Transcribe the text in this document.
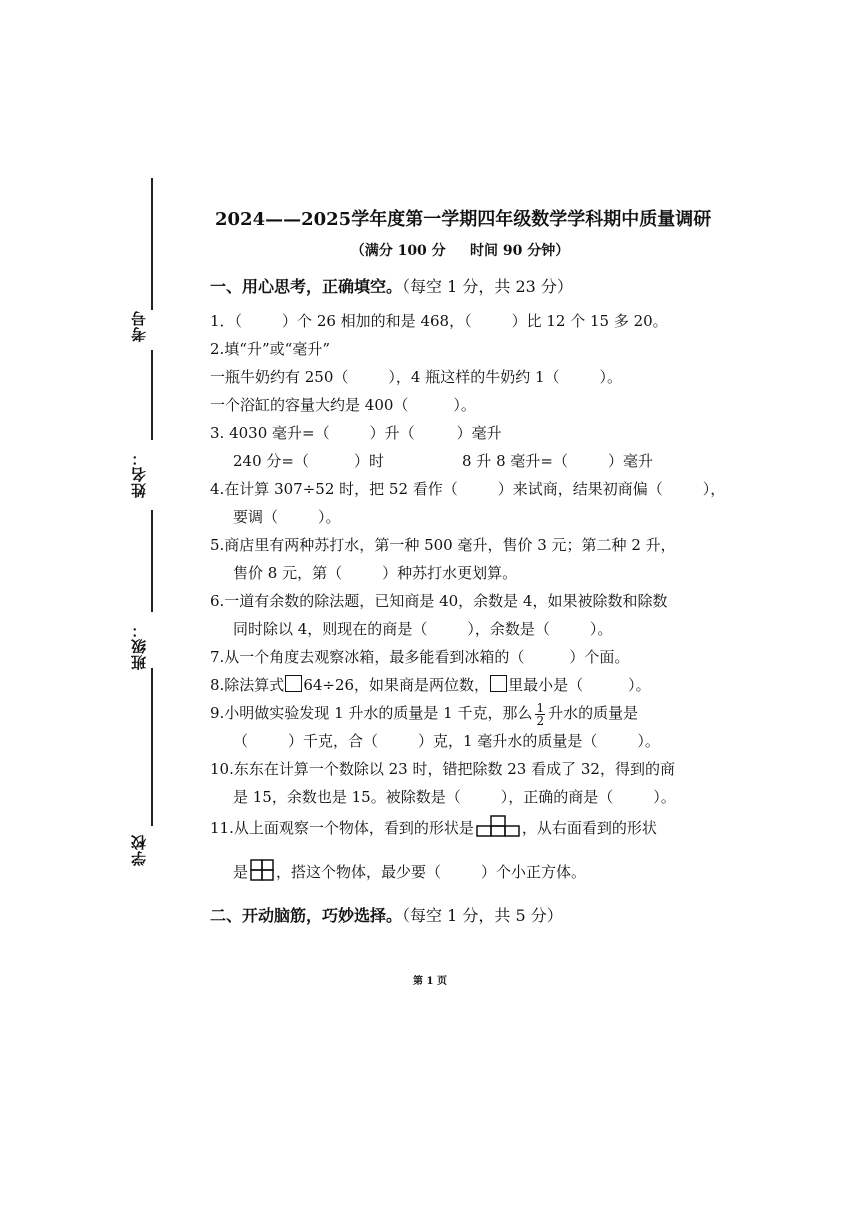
考号
姓名：
班级：
学校
2024——2025学年度第一学期四年级数学学科期中质量调研
（满分 100 分     时间 90 分钟）
一、用心思考，正确填空。（每空 1 分，共 23 分）
1．（	）个 26 相加的和是 468，（	）比 12 个 15 多 20。
2.填“升”或“毫升”
一瓶牛奶约有 250（	），4 瓶这样的牛奶约 1（	）。
一个浴缸的容量大约是 400（	）。
3. 4030 毫升=（	）升（	）毫升
240 分=（	）时	8 升 8 毫升=（	）毫升
4.在计算 307÷52 时，把 52 看作（	）来试商，结果初商偏（	），
要调（	）。
5.商店里有两种苏打水，第一种 500 毫升，售价 3 元；第二种 2 升，
售价 8 元，第（	）种苏打水更划算。
6.一道有余数的除法题，已知商是 40，余数是 4，如果被除数和除数
同时除以 4，则现在的商是（	），余数是（	）。
7.从一个角度去观察冰箱，最多能看到冰箱的（	）个面。
8.除法算式 64÷26，如果商是两位数， 里最小是（	）。
9.小明做实验发现 1 升水的质量是 1 千克，那么 $\frac{1}{2}$ 升水的质量是
（	）千克，合（	）克，1 毫升水的质量是（	）。
10.东东在计算一个数除以 23 时，错把除数 23 看成了 32，得到的商
是 15，余数也是 15。被除数是（	），正确的商是（	）。
11.从上面观察一个物体，看到的形状是	，从右面看到的形状
是 ，搭这个物体，最少要（	）个小正方体。
二、开动脑筋，巧妙选择。（每空 1 分，共 5 分）
第 1 页
